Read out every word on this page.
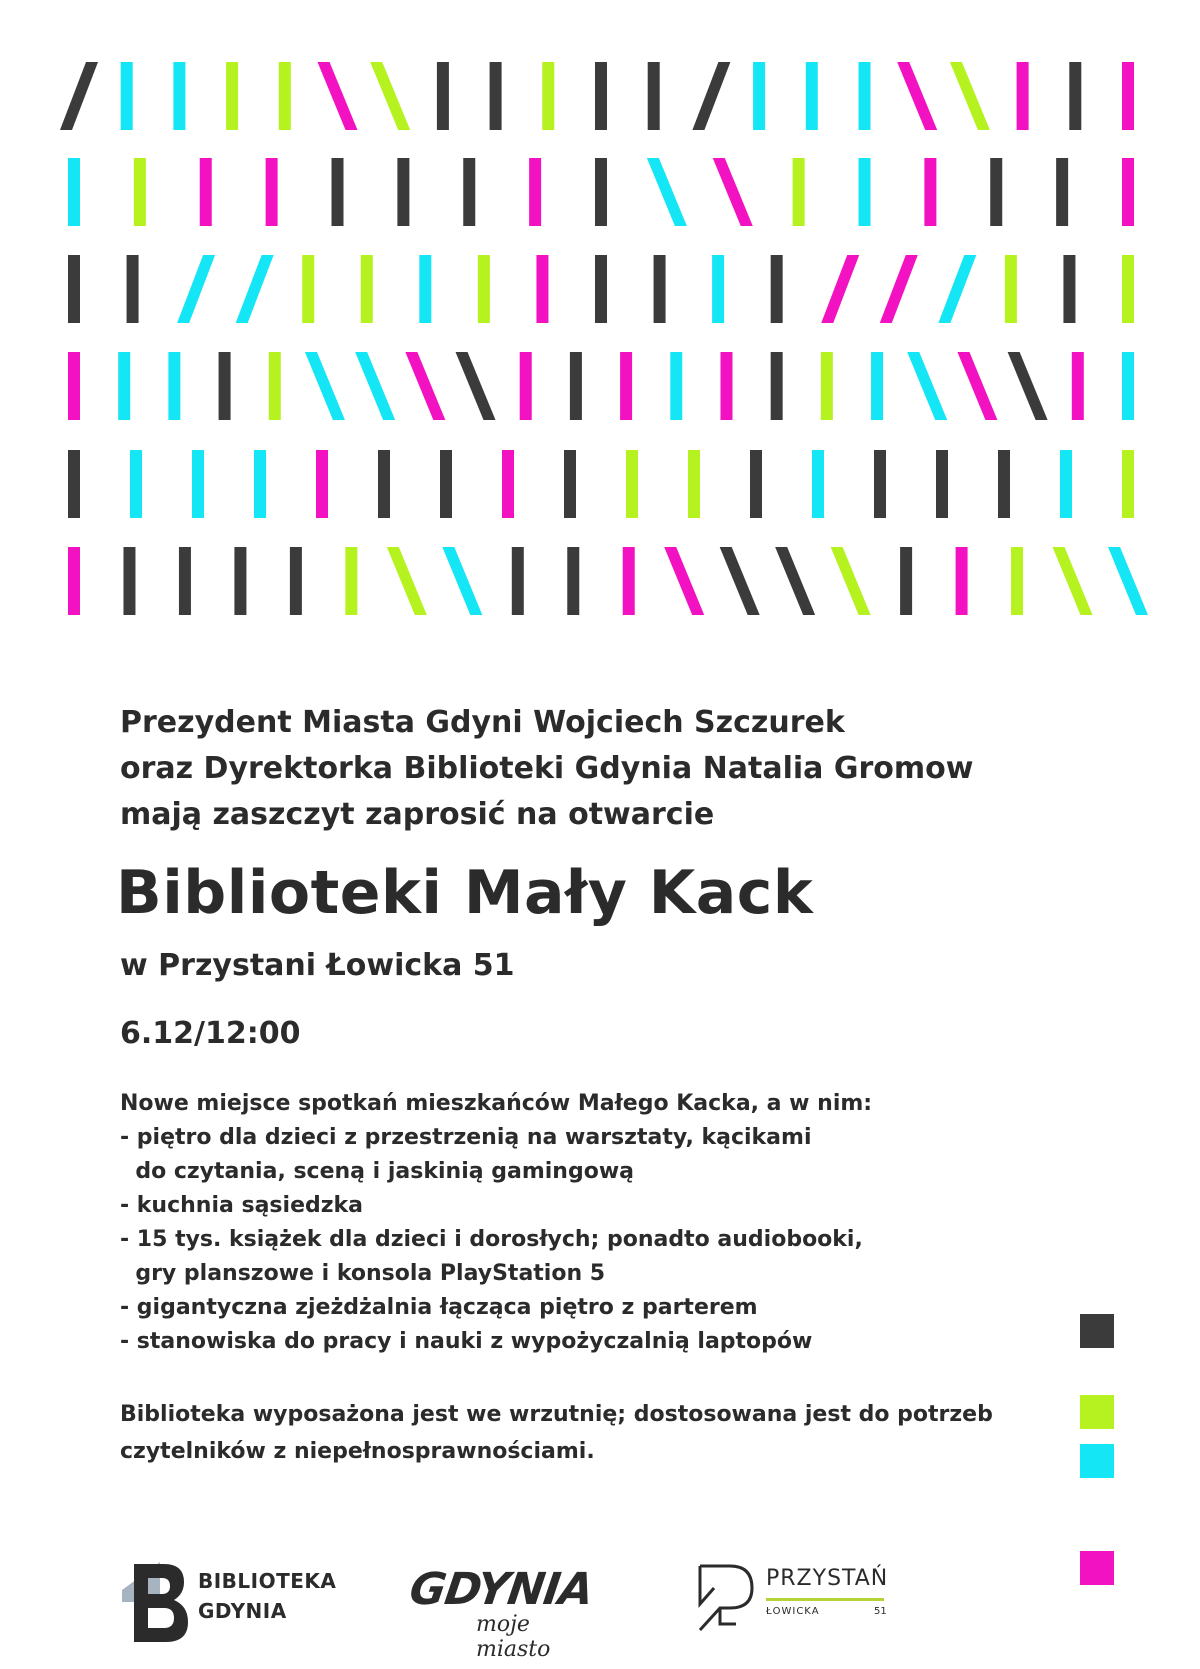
Prezydent Miasta Gdyni Wojciech Szczurek
oraz Dyrektorka Biblioteki Gdynia Natalia Gromow
mają zaszczyt zaprosić na otwarcie
Biblioteki Mały Kack
w Przystani Łowicka 51
6.12/12:00
Nowe miejsce spotkań mieszkańców Małego Kacka, a w nim:
- piętro dla dzieci z przestrzenią na warsztaty, kącikami
do czytania, sceną i jaskinią gamingową
- kuchnia sąsiedzka
- 15 tys. książek dla dzieci i dorosłych; ponadto audiobooki,
gry planszowe i konsola PlayStation 5
- gigantyczna zjeżdżalnia łącząca piętro z parterem
- stanowiska do pracy i nauki z wypożyczalnią laptopów
Biblioteka wyposażona jest we wrzutnię; dostosowana jest do potrzeb
czytelników z niepełnosprawnościami.
BIBLIOTEKA
GDYNIA	GDYNIA
moje miasto
PRZYSTAŃ
ŁOWICKA	51
